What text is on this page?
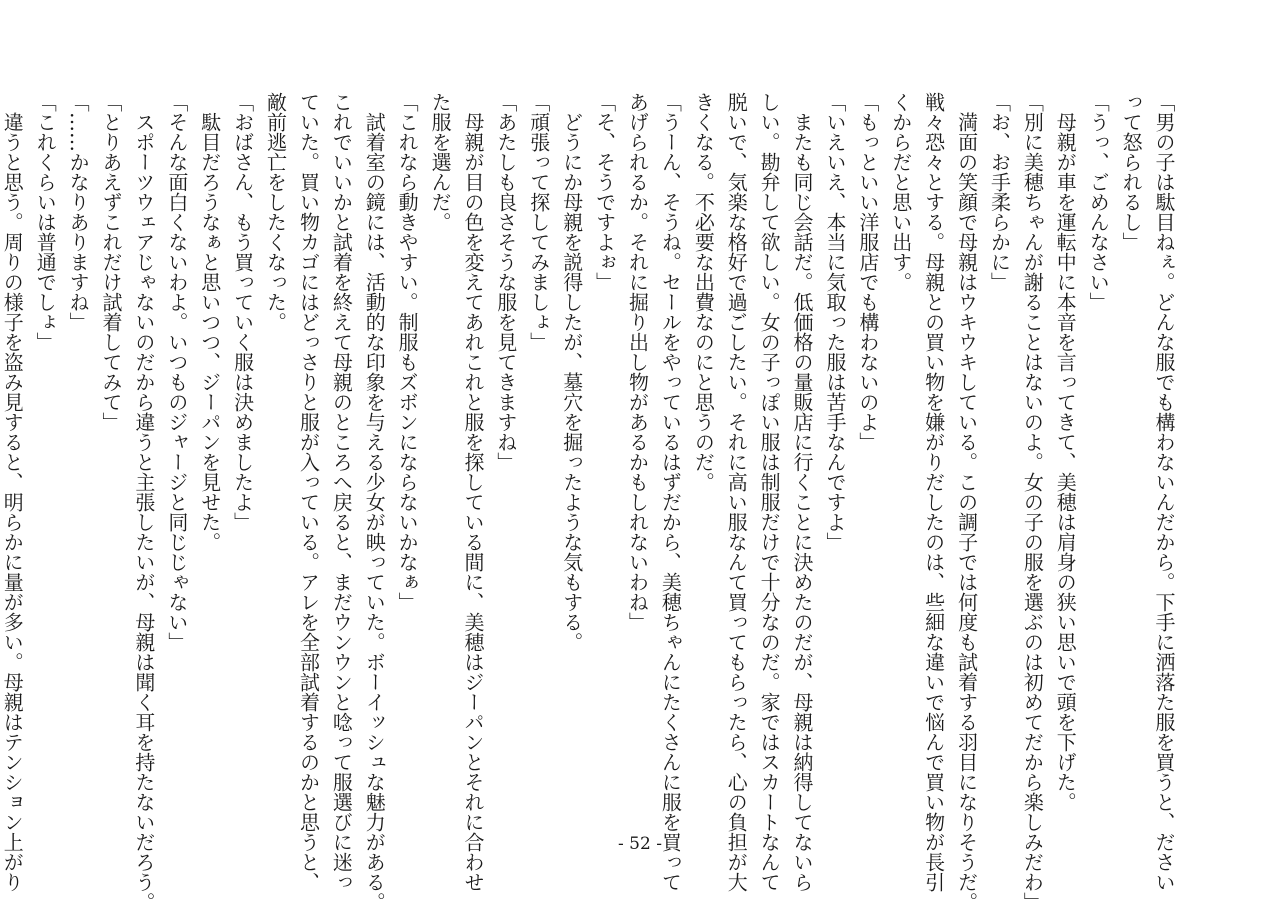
「男の子は駄目ねぇ。どんな服でも構わないんだから。下手に洒落た服を買うと、ださい
って怒られるし」
「うっ、ごめんなさい」
　母親が車を運転中に本音を言ってきて、美穂は肩身の狭い思いで頭を下げた。
「別に美穂ちゃんが謝ることはないのよ。女の子の服を選ぶのは初めてだから楽しみだわ」
「お、お手柔らかに」
　満面の笑顔で母親はウキウキしている。この調子では何度も試着する羽目になりそうだ。
戦々恐々とする。母親との買い物を嫌がりだしたのは、些細な違いで悩んで買い物が長引
くからだと思い出す。
「もっといい洋服店でも構わないのよ」
「いえいえ、本当に気取った服は苦手なんですよ」
　またも同じ会話だ。低価格の量販店に行くことに決めたのだが、母親は納得してないら
しい。勘弁して欲しい。女の子っぽい服は制服だけで十分なのだ。家ではスカートなんて
脱いで、気楽な格好で過ごしたい。それに高い服なんて買ってもらったら、心の負担が大
きくなる。不必要な出費なのにと思うのだ。
「うーん、そうね。セールをやっているはずだから、美穂ちゃんにたくさんに服を買って
あげられるか。それに掘り出し物があるかもしれないわね」
「そ、そうですよぉ」
　どうにか母親を説得したが、墓穴を掘ったような気もする。
「頑張って探してみましょ」
「あたしも良さそうな服を見てきますね」
　母親が目の色を変えてあれこれと服を探している間に、美穂はジーパンとそれに合わせ
た服を選んだ。
「これなら動きやすい。制服もズボンにならないかなぁ」
　試着室の鏡には、活動的な印象を与える少女が映っていた。ボーイッシュな魅力がある。
これでいいかと試着を終えて母親のところへ戻ると、まだウンウンと唸って服選びに迷っ
ていた。買い物カゴにはどっさりと服が入っている。アレを全部試着するのかと思うと、
敵前逃亡をしたくなった。
「おばさん、もう買っていく服は決めましたよ」
　駄目だろうなぁと思いつつ、ジーパンを見せた。
「そんな面白くないわよ。いつものジャージと同じじゃない」
　スポーツウェアじゃないのだから違うと主張したいが、母親は聞く耳を持たないだろう。
「とりあえずこれだけ試着してみて」
「……かなりありますね」
「これくらいは普通でしょ」
　違うと思う。周りの様子を盗み見すると、明らかに量が多い。母親はテンション上がり	- 52 -
